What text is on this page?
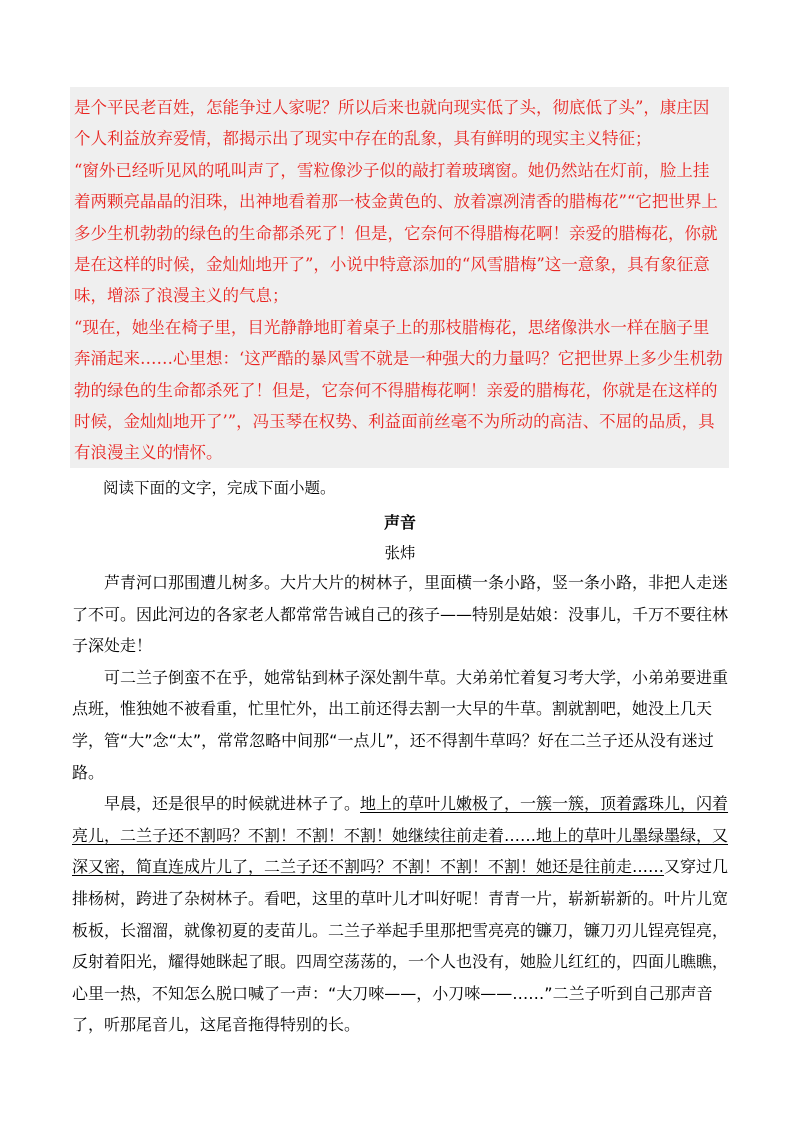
是个平民老百姓，怎能争过人家呢？所以后来也就向现实低了头，彻底低了头”，康庄因个人利益放弃爱情，都揭示出了现实中存在的乱象，具有鲜明的现实主义特征；

“窗外已经听见风的吼叫声了，雪粒像沙子似的敲打着玻璃窗。她仍然站在灯前，脸上挂着两颗亮晶晶的泪珠，出神地看着那一枝金黄色的、放着凛冽清香的腊梅花”“它把世界上多少生机勃勃的绿色的生命都杀死了！但是，它奈何不得腊梅花啊！亲爱的腊梅花，你就是在这样的时候，金灿灿地开了”，小说中特意添加的“风雪腊梅”这一意象，具有象征意味，增添了浪漫主义的气息；

“现在，她坐在椅子里，目光静静地盯着桌子上的那枝腊梅花，思绪像洪水一样在脑子里奔涌起来……心里想：‘这严酷的暴风雪不就是一种强大的力量吗？它把世界上多少生机勃勃的绿色的生命都杀死了！但是，它奈何不得腊梅花啊！亲爱的腊梅花，你就是在这样的时候，金灿灿地开了’”，冯玉琴在权势、利益面前丝毫不为所动的高洁、不屈的品质，具有浪漫主义的情怀。

阅读下面的文字，完成下面小题。

声音

张炜

芦青河口那围遭儿树多。大片大片的树林子，里面横一条小路，竖一条小路，非把人走迷了不可。因此河边的各家老人都常常告诫自己的孩子——特别是姑娘：没事儿，千万不要往林子深处走！

可二兰子倒蛮不在乎，她常钻到林子深处割牛草。大弟弟忙着复习考大学，小弟弟要进重点班，惟独她不被看重，忙里忙外，出工前还得去割一大早的牛草。割就割吧，她没上几天学，管“大”念“太”，常常忽略中间那“一点儿”，还不得割牛草吗？好在二兰子还从没有迷过路。

早晨，还是很早的时候就进林子了。地上的草叶儿嫩极了，一簇一簇，顶着露珠儿，闪着亮儿，二兰子还不割吗？不割！不割！不割！她继续往前走着……地上的草叶儿墨绿墨绿，又深又密，简直连成片儿了，二兰子还不割吗？不割！不割！不割！她还是往前走……又穿过几排杨树，跨进了杂树林子。看吧，这里的草叶儿才叫好呢！青青一片，崭新崭新的。叶片儿宽板板，长溜溜，就像初夏的麦苗儿。二兰子举起手里那把雪亮亮的镰刀，镰刀刃儿锃亮锃亮，反射着阳光，耀得她眯起了眼。四周空荡荡的，一个人也没有，她脸儿红红的，四面儿瞧瞧，心里一热，不知怎么脱口喊了一声：“大刀唻——，小刀唻——……”二兰子听到自己那声音了，听那尾音儿，这尾音拖得特别的长。
